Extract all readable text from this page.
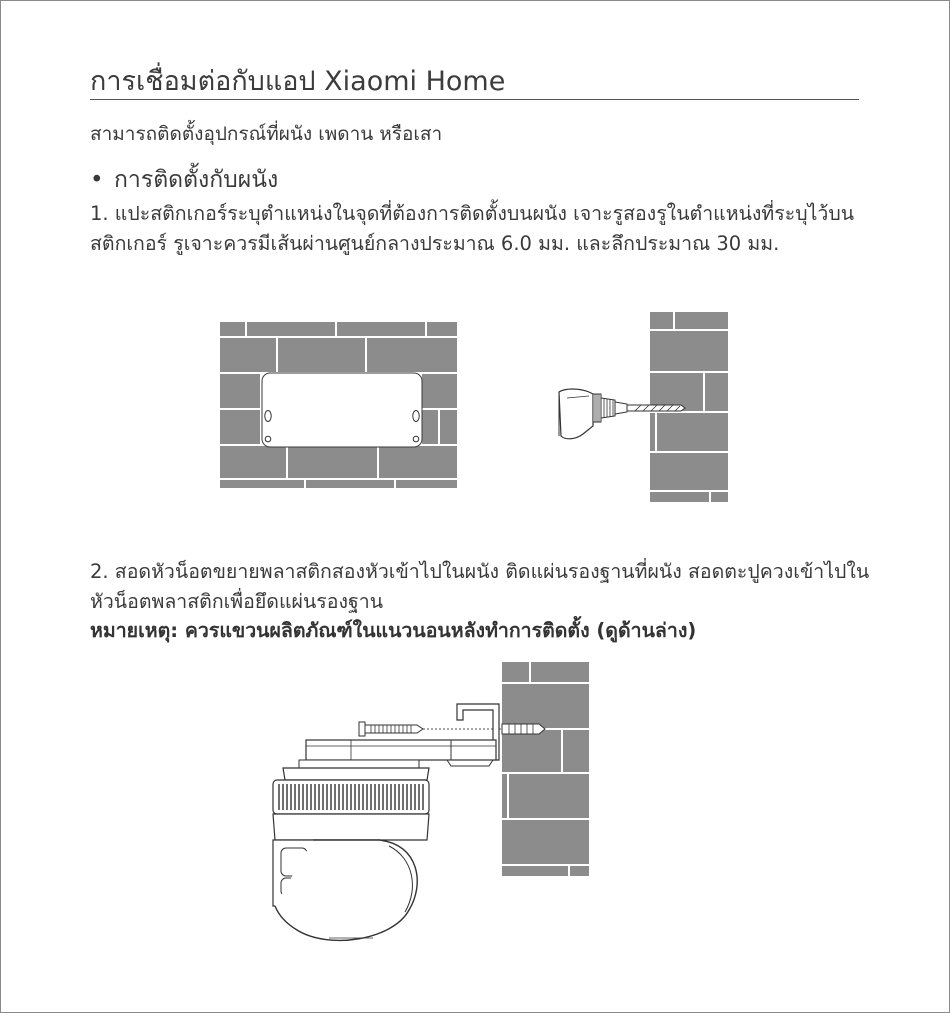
การเชื่อมต่อกับแอป Xiaomi Home
สามารถติดตั้งอุปกรณ์ที่ผนัง เพดาน หรือเสา
• การติดตั้งกับผนัง
1. แปะสติกเกอร์ระบุตำแหน่งในจุดที่ต้องการติดตั้งบนผนัง เจาะรูสองรูในตำแหน่งที่ระบุไว้บนสติกเกอร์ รูเจาะควรมีเส้นผ่านศูนย์กลางประมาณ 6.0 มม. และลึกประมาณ 30 มม.
2. สอดหัวน็อตขยายพลาสติกสองหัวเข้าไปในผนัง ติดแผ่นรองฐานที่ผนัง สอดตะปูควงเข้าไปในหัวน็อตพลาสติกเพื่อยึดแผ่นรองฐาน
หมายเหตุ: ควรแขวนผลิตภัณฑ์ในแนวนอนหลังทำการติดตั้ง (ดูด้านล่าง)
